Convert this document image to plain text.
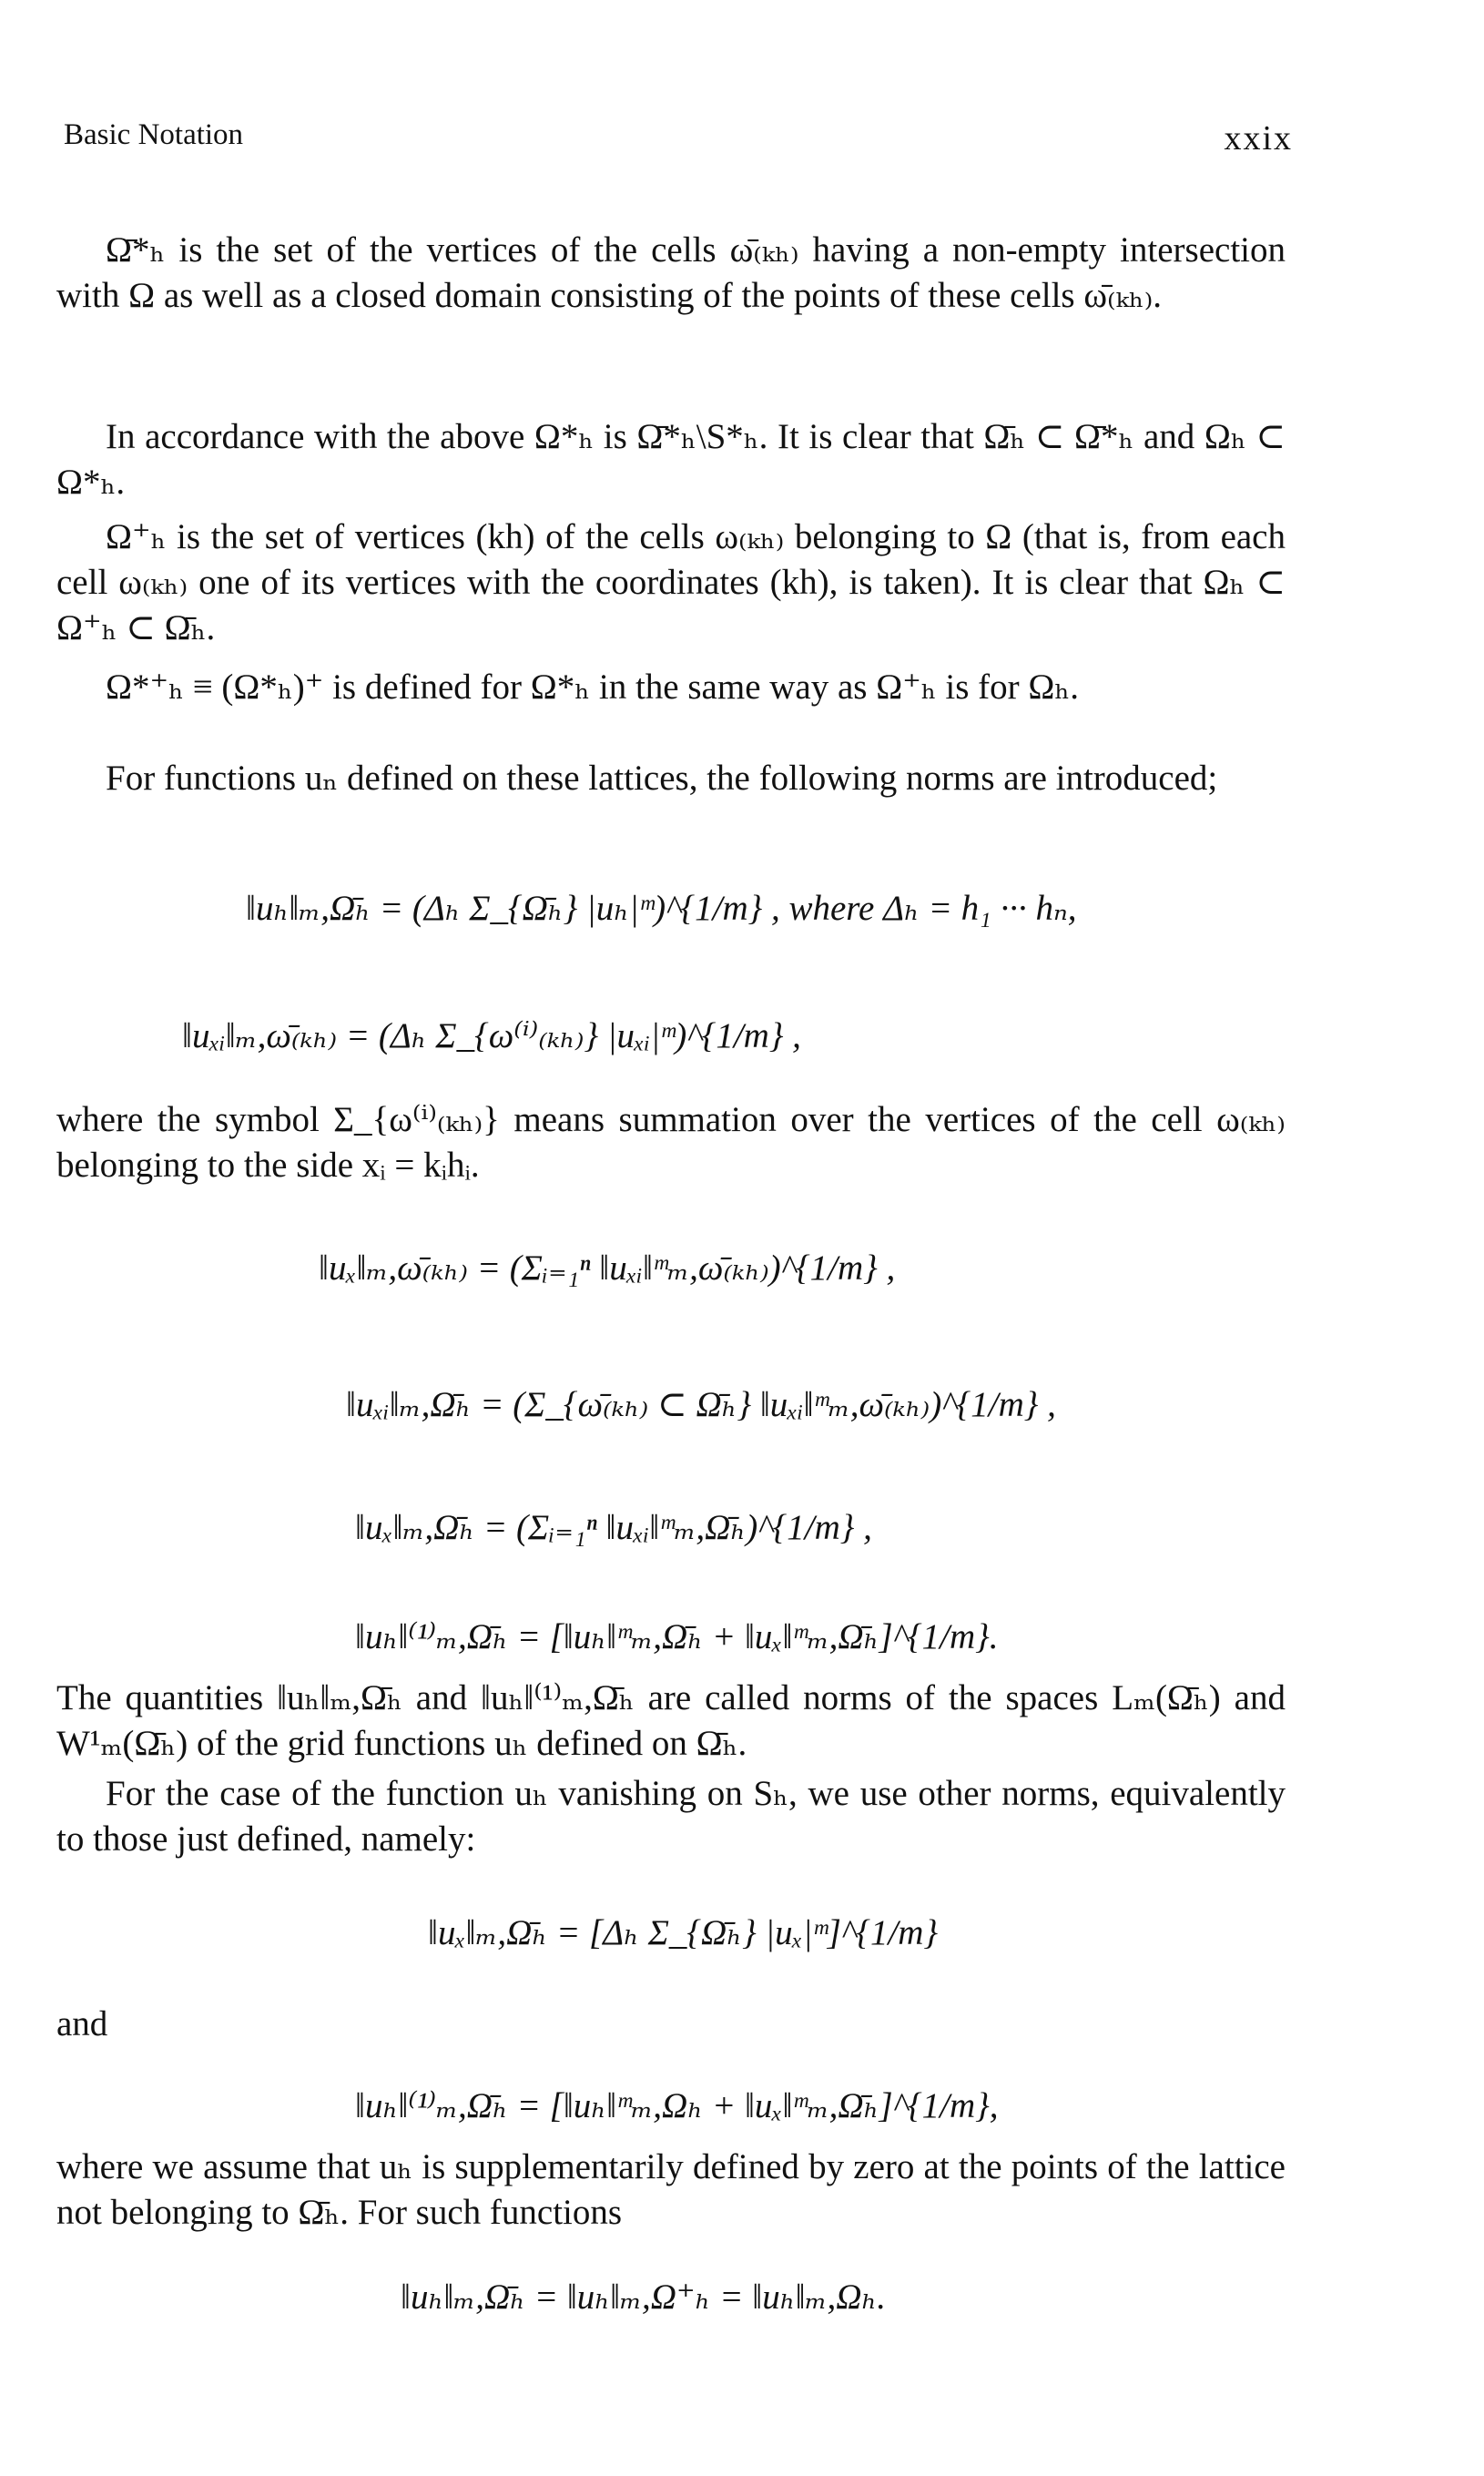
Basic Notation	xxix
Ω̄*ₕ is the set of the vertices of the cells ω̄₍ₖₕ₎ having a non-empty intersection with Ω as well as a closed domain consisting of the points of these cells ω̄₍ₖₕ₎.
In accordance with the above Ω*ₕ is Ω̄*ₕ\S*ₕ. It is clear that Ω̄ₕ ⊂ Ω̄*ₕ and Ωₕ ⊂ Ω*ₕ.
Ω⁺ₕ is the set of vertices (kh) of the cells ω₍ₖₕ₎ belonging to Ω (that is, from each cell ω₍ₖₕ₎ one of its vertices with the coordinates (kh), is taken). It is clear that Ωₕ ⊂ Ω⁺ₕ ⊂ Ω̄ₕ.
Ω*⁺ₕ ≡ (Ω*ₕ)⁺ is defined for Ω*ₕ in the same way as Ω⁺ₕ is for Ωₕ.
For functions uₙ defined on these lattices, the following norms are introduced;
‖uₕ‖ₘ,Ω̄ₕ = (Δₕ Σ_{Ω̄ₕ} |uₕ|ᵐ)^{1/m} , where Δₕ = h₁ ··· hₙ,
‖uₓᵢ‖ₘ,ω̄₍ₖₕ₎ = (Δₕ Σ_{ω⁽ⁱ⁾₍ₖₕ₎} |uₓᵢ|ᵐ)^{1/m} ,
where the symbol Σ_{ω⁽ⁱ⁾₍ₖₕ₎} means summation over the vertices of the cell ω₍ₖₕ₎ belonging to the side xᵢ = kᵢhᵢ.
‖uₓ‖ₘ,ω̄₍ₖₕ₎ = (Σᵢ₌₁ⁿ ‖uₓᵢ‖ᵐₘ,ω̄₍ₖₕ₎)^{1/m} ,
‖uₓᵢ‖ₘ,Ω̄ₕ = (Σ_{ω̄₍ₖₕ₎ ⊂ Ω̄ₕ} ‖uₓᵢ‖ᵐₘ,ω̄₍ₖₕ₎)^{1/m} ,
‖uₓ‖ₘ,Ω̄ₕ = (Σᵢ₌₁ⁿ ‖uₓᵢ‖ᵐₘ,Ω̄ₕ)^{1/m} ,
‖uₕ‖⁽¹⁾ₘ,Ω̄ₕ = [‖uₕ‖ᵐₘ,Ω̄ₕ + ‖uₓ‖ᵐₘ,Ω̄ₕ]^{1/m}.
The quantities ‖uₕ‖ₘ,Ω̄ₕ and ‖uₕ‖⁽¹⁾ₘ,Ω̄ₕ are called norms of the spaces Lₘ(Ω̄ₕ) and W¹ₘ(Ω̄ₕ) of the grid functions uₕ defined on Ω̄ₕ.
For the case of the function uₕ vanishing on Sₕ, we use other norms, equivalently to those just defined, namely:
‖uₓ‖ₘ,Ω̄ₕ = [Δₕ Σ_{Ω̄ₕ} |uₓ|ᵐ]^{1/m}
and
‖uₕ‖⁽¹⁾ₘ,Ω̄ₕ = [‖uₕ‖ᵐₘ,Ωₕ + ‖uₓ‖ᵐₘ,Ω̄ₕ]^{1/m},
where we assume that uₕ is supplementarily defined by zero at the points of the lattice not belonging to Ω̄ₕ. For such functions
‖uₕ‖ₘ,Ω̄ₕ = ‖uₕ‖ₘ,Ω⁺ₕ = ‖uₕ‖ₘ,Ωₕ.
